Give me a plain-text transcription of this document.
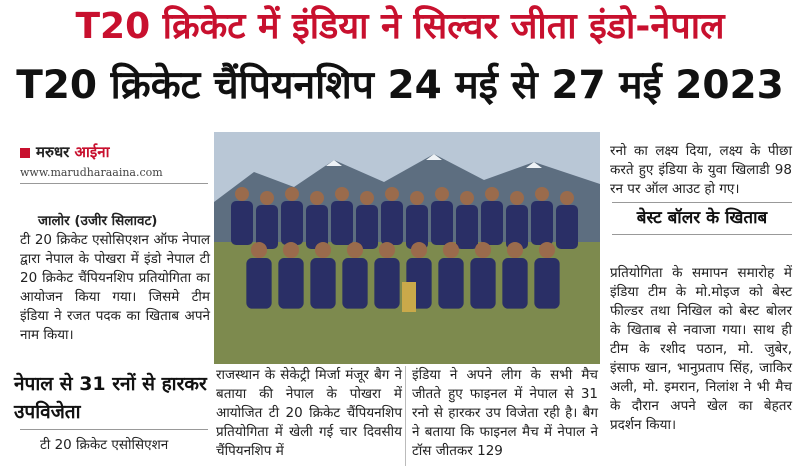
T20 क्रिकेट में इंडिया ने सिल्वर जीता इंडो-नेपाल
T20 क्रिकेट चैंपियनशिप 24 मई से 27 मई 2023
मरुधर आईना
www.marudharaaina.com

जालोर (उजीर सिलावट)

टी 20 क्रिकेट एसोसिएशन ऑफ नेपाल द्वारा नेपाल के पोखरा में इंडो नेपाल टी 20 क्रिकेट चैंपियनशिप प्रतियोगिता का आयोजन किया गया। जिसमे टीम इंडिया ने रजत पदक का खिताब अपने नाम किया।

नेपाल से 31 रनों से हारकर उपविजेता
टी 20 क्रिकेट एसोसिएशन
राजस्थान के सेकेट्री मिर्जा मंजूर बैग ने बताया की नेपाल के पोखरा में आयोजित टी 20 क्रिकेट चैंपियनशिप प्रतियोगिता में खेली गई चार दिवसीय चैंपियनशिप में
इंडिया ने अपने लीग के सभी मैच जीतते हुए फाइनल में नेपाल से 31 रनो से हारकर उप विजेता रही है। बैग ने बताया कि फाइनल मैच में नेपाल ने टॉस जीतकर 129
रनो का लक्ष्य दिया, लक्ष्य के पीछा करते हुए इंडिया के युवा खिलाडी 98 रन पर ऑल आउट हो गए।
बेस्ट बॉलर के खिताब
प्रतियोगिता के समापन समारोह में इंडिया टीम के मो.मोइज को बेस्ट फील्डर तथा निखिल को बेस्ट बोलर के खिताब से नवाजा गया। साथ ही टीम के रशीद पठान, मो. जुबेर, इंसाफ खान, भानुप्रताप सिंह, जाकिर अली, मो. इमरान, निलांश ने भी मैच के दौरान अपने खेल का बेहतर प्रदर्शन किया।
